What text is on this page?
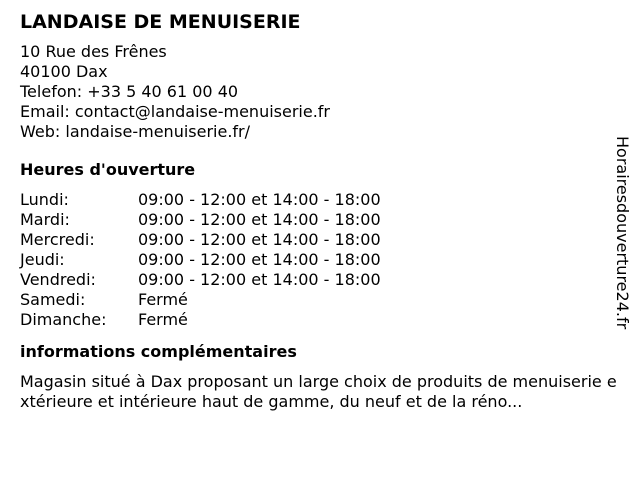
LANDAISE DE MENUISERIE
10 Rue des Frênes
40100 Dax
Telefon: +33 5 40 61 00 40
Email: contact@landaise-menuiserie.fr
Web: landaise-menuiserie.fr/
Heures d'ouverture
Lundi:	09:00 - 12:00 et 14:00 - 18:00
Mardi:	09:00 - 12:00 et 14:00 - 18:00
Mercredi:	09:00 - 12:00 et 14:00 - 18:00
Jeudi:	09:00 - 12:00 et 14:00 - 18:00
Vendredi:	09:00 - 12:00 et 14:00 - 18:00
Samedi:	Fermé
Dimanche:	Fermé
informations complémentaires
Magasin situé à Dax proposant un large choix de produits de menuiserie extérieure et intérieure haut de gamme, du neuf et de la réno...
Horairesdouverture24.fr
